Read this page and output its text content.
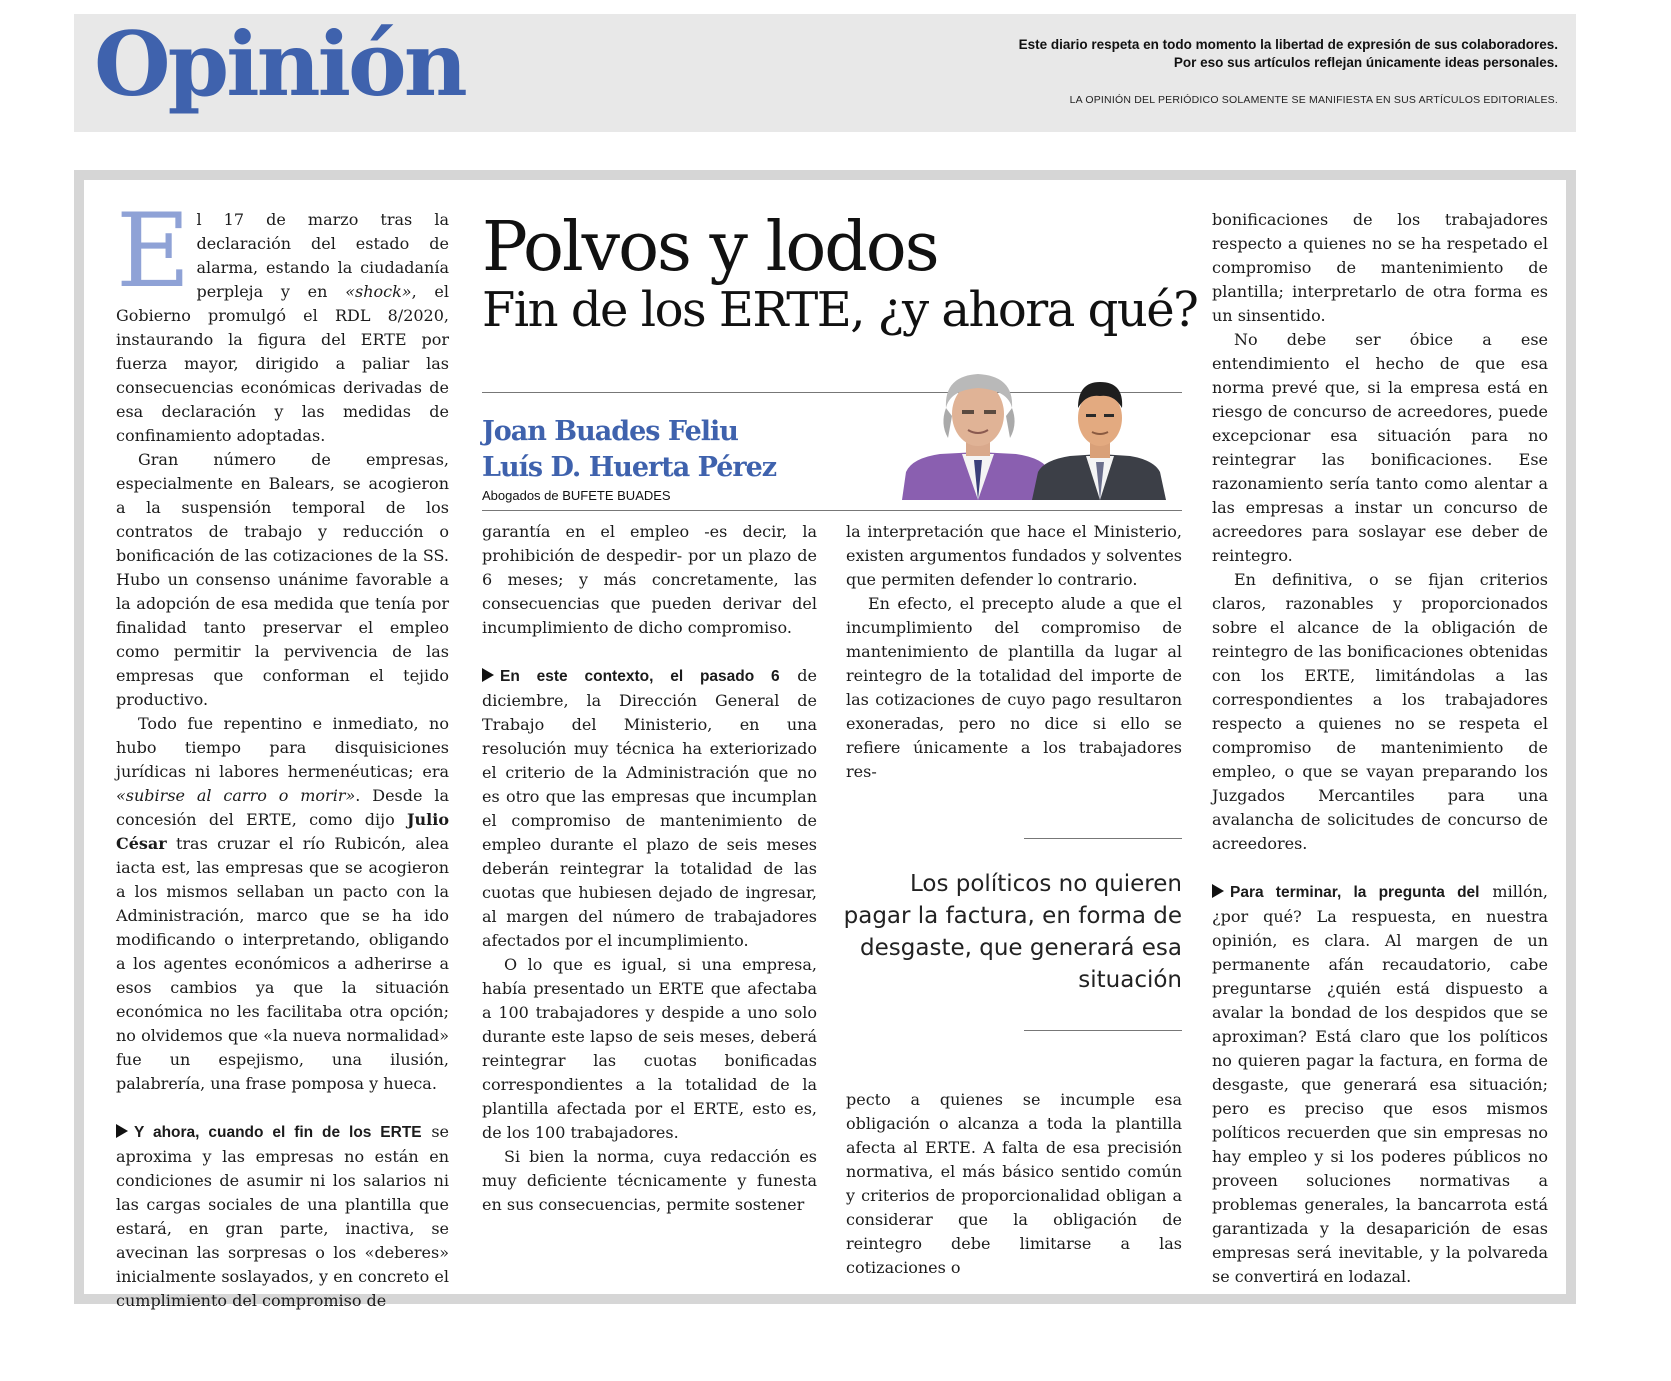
Opinión	Este diario respeta en todo momento la libertad de expresión de sus colaboradores.
Por eso sus artículos reflejan únicamente ideas personales.
LA OPINIÓN DEL PERIÓDICO SOLAMENTE SE MANIFIESTA EN SUS ARTÍCULOS EDITORIALES.

El 17 de marzo tras la declaración del estado de alarma, estando la ciudadanía perpleja y en «shock», el Gobierno promulgó el RDL 8/2020, instaurando la figura del ERTE por fuerza mayor, dirigido a paliar las consecuencias económicas derivadas de esa declaración y las medidas de confinamiento adoptadas.

Gran número de empresas, especialmente en Balears, se acogieron a la suspensión temporal de los contratos de trabajo y reducción o bonificación de las cotizaciones de la SS. Hubo un consenso unánime favorable a la adopción de esa medida que tenía por finalidad tanto preservar el empleo como permitir la pervivencia de las empresas que conforman el tejido productivo.

Todo fue repentino e inmediato, no hubo tiempo para disquisiciones jurídicas ni labores hermenéuticas; era «subirse al carro o morir». Desde la concesión del ERTE, como dijo Julio César tras cruzar el río Rubicón, alea iacta est, las empresas que se acogieron a los mismos sellaban un pacto con la Administración, marco que se ha ido modificando o interpretando, obligando a los agentes económicos a adherirse a esos cambios ya que la situación económica no les facilitaba otra opción; no olvidemos que «la nueva normalidad» fue un espejismo, una ilusión, palabrería, una frase pomposa y hueca.

Y ahora, cuando el fin de los ERTE se aproxima y las empresas no están en condiciones de asumir ni los salarios ni las cargas sociales de una plantilla que estará, en gran parte, inactiva, se avecinan las sorpresas o los «deberes» inicialmente soslayados, y en concreto el cumplimiento del compromiso de

Polvos y lodos
Fin de los ERTE, ¿y ahora qué?
Joan Buades Feliu
Luís D. Huerta Pérez
Abogados de BUFETE BUADES

garantía en el empleo -es decir, la prohibición de despedir- por un plazo de 6 meses; y más concretamente, las consecuencias que pueden derivar del incumplimiento de dicho compromiso.

En este contexto, el pasado 6 de diciembre, la Dirección General de Trabajo del Ministerio, en una resolución muy técnica ha exteriorizado el criterio de la Administración que no es otro que las empresas que incumplan el compromiso de mantenimiento de empleo durante el plazo de seis meses deberán reintegrar la totalidad de las cuotas que hubiesen dejado de ingresar, al margen del número de trabajadores afectados por el incumplimiento.

O lo que es igual, si una empresa, había presentado un ERTE que afectaba a 100 trabajadores y despide a uno solo durante este lapso de seis meses, deberá reintegrar las cuotas bonificadas correspondientes a la totalidad de la plantilla afectada por el ERTE, esto es, de los 100 trabajadores.

Si bien la norma, cuya redacción es muy deficiente técnicamente y funesta en sus consecuencias, permite sostener

la interpretación que hace el Ministerio, existen argumentos fundados y solventes que permiten defender lo contrario.

En efecto, el precepto alude a que el incumplimiento del compromiso de mantenimiento de plantilla da lugar al reintegro de la totalidad del importe de las cotizaciones de cuyo pago resultaron exoneradas, pero no dice si ello se refiere únicamente a los trabajadores res-

Los políticos no quieren pagar la factura, en forma de desgaste, que generará esa situación

pecto a quienes se incumple esa obligación o alcanza a toda la plantilla afecta al ERTE. A falta de esa precisión normativa, el más básico sentido común y criterios de proporcionalidad obligan a considerar que la obligación de reintegro debe limitarse a las cotizaciones o

bonificaciones de los trabajadores respecto a quienes no se ha respetado el compromiso de mantenimiento de plantilla; interpretarlo de otra forma es un sinsentido.

No debe ser óbice a ese entendimiento el hecho de que esa norma prevé que, si la empresa está en riesgo de concurso de acreedores, puede excepcionar esa situación para no reintegrar las bonificaciones. Ese razonamiento sería tanto como alentar a las empresas a instar un concurso de acreedores para soslayar ese deber de reintegro.

En definitiva, o se fijan criterios claros, razonables y proporcionados sobre el alcance de la obligación de reintegro de las bonificaciones obtenidas con los ERTE, limitándolas a las correspondientes a los trabajadores respecto a quienes no se respeta el compromiso de mantenimiento de empleo, o que se vayan preparando los Juzgados Mercantiles para una avalancha de solicitudes de concurso de acreedores.

Para terminar, la pregunta del millón, ¿por qué? La respuesta, en nuestra opinión, es clara. Al margen de un permanente afán recaudatorio, cabe preguntarse ¿quién está dispuesto a avalar la bondad de los despidos que se aproximan? Está claro que los políticos no quieren pagar la factura, en forma de desgaste, que generará esa situación; pero es preciso que esos mismos políticos recuerden que sin empresas no hay empleo y si los poderes públicos no proveen soluciones normativas a problemas generales, la bancarrota está garantizada y la desaparición de esas empresas será inevitable, y la polvareda se convertirá en lodazal.
